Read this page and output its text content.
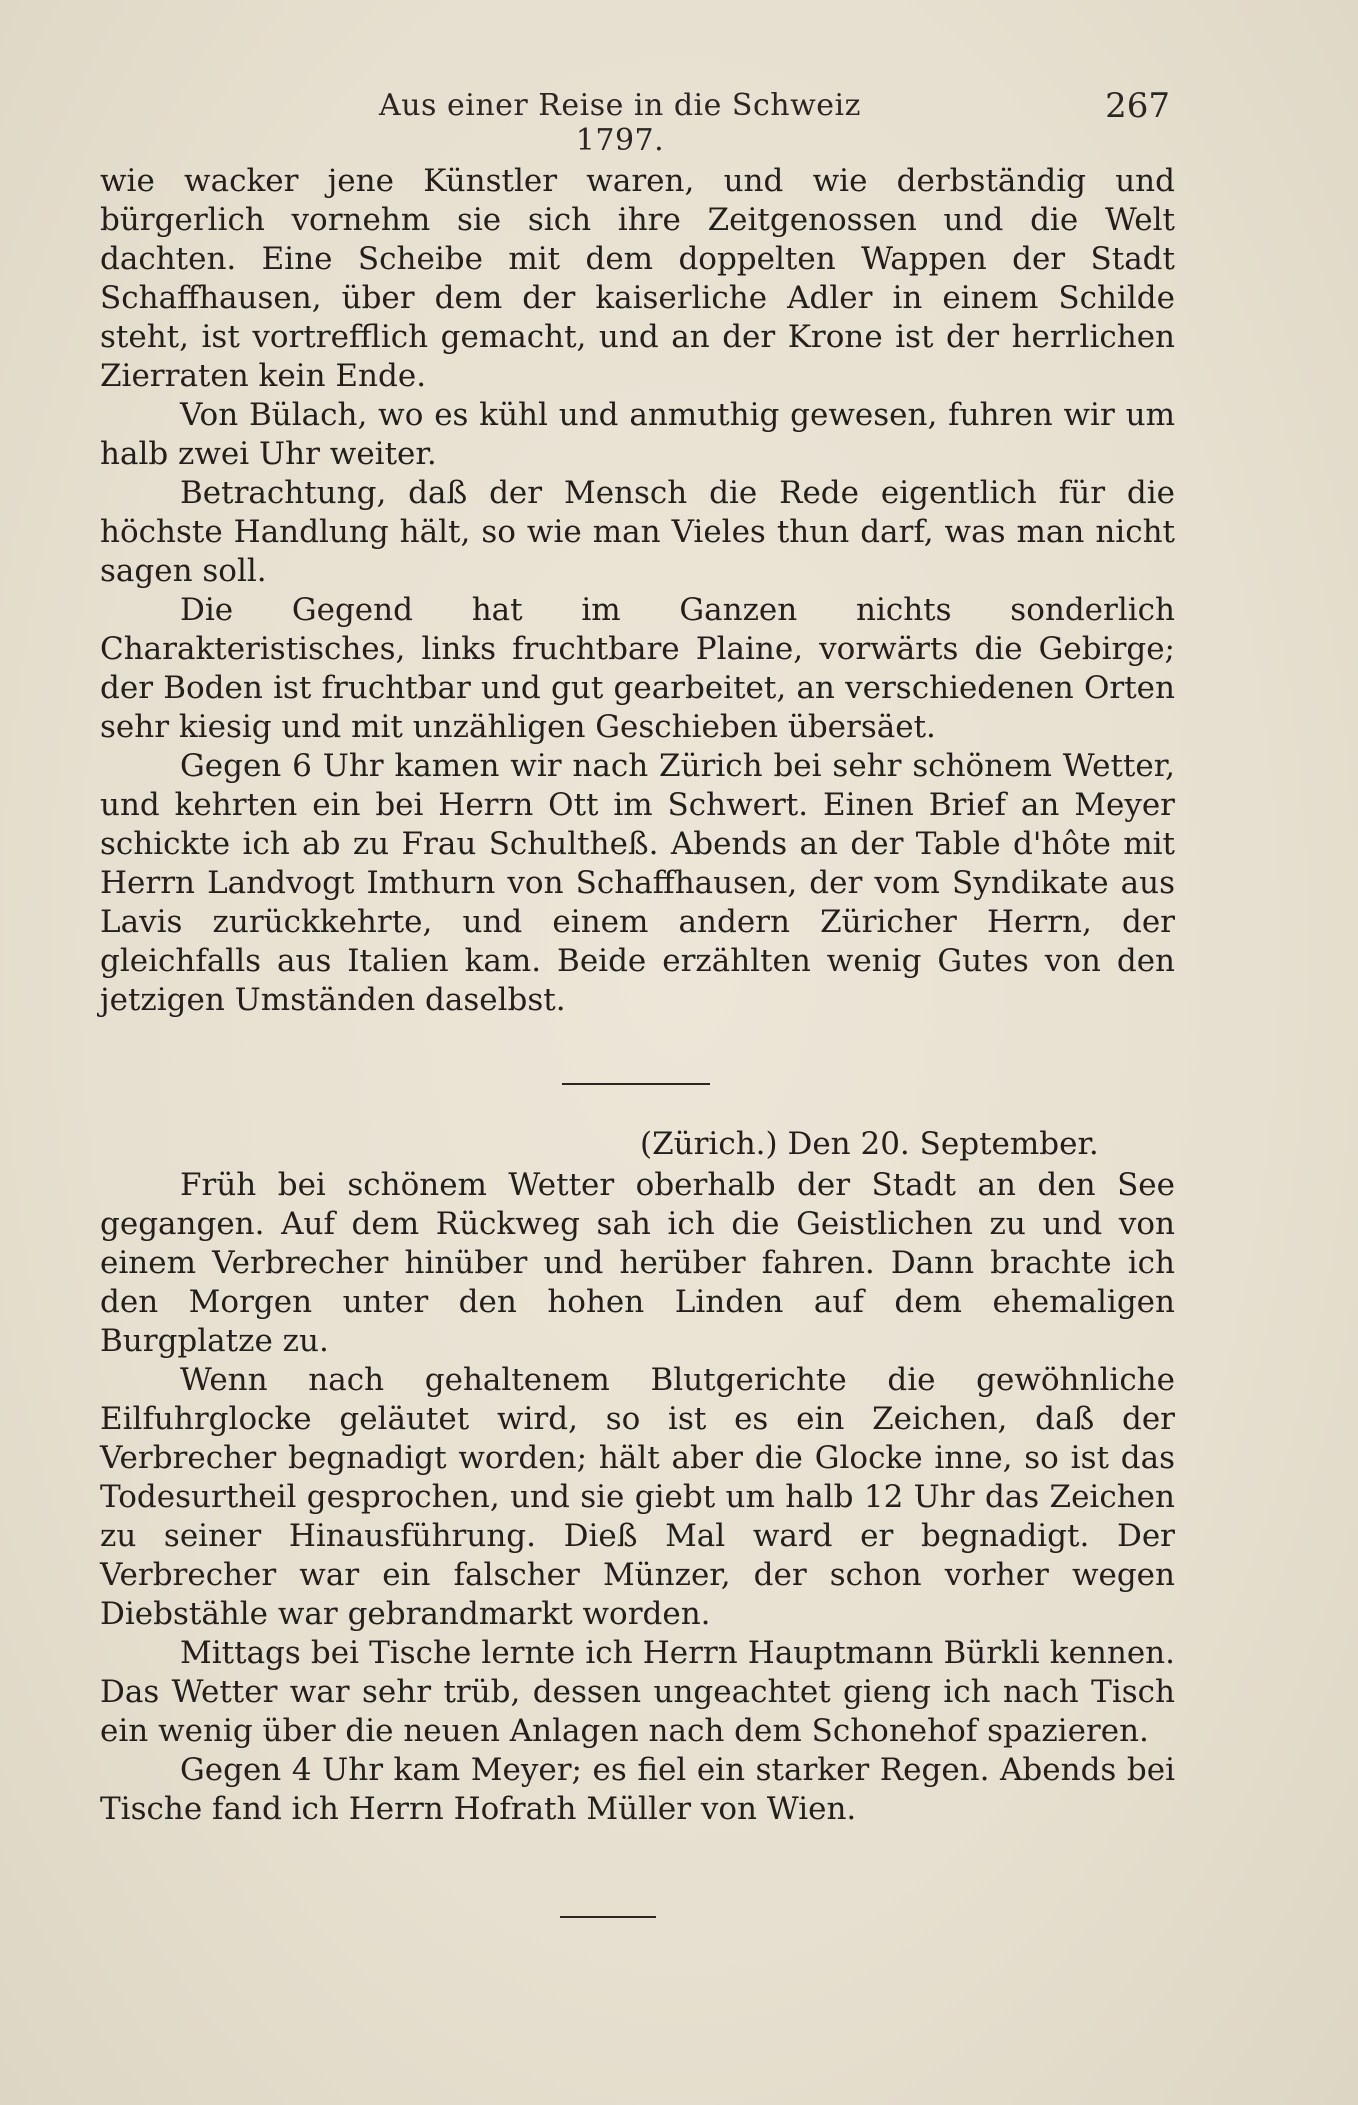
Aus einer Reise in die Schweiz 1797.
267

wie wacker jene Künstler waren, und wie derbständig und bürgerlich vornehm sie sich ihre Zeitgenossen und die Welt dachten. Eine Scheibe mit dem doppelten Wappen der Stadt Schaffhausen, über dem der kaiserliche Adler in einem Schilde steht, ist vortrefflich gemacht, und an der Krone ist der herrlichen Zierraten kein Ende.

Von Bülach, wo es kühl und anmuthig gewesen, fuhren wir um halb zwei Uhr weiter.

Betrachtung, daß der Mensch die Rede eigentlich für die höchste Handlung hält, so wie man Vieles thun darf, was man nicht sagen soll.

Die Gegend hat im Ganzen nichts sonderlich Charakteristisches, links fruchtbare Plaine, vorwärts die Gebirge; der Boden ist fruchtbar und gut gearbeitet, an verschiedenen Orten sehr kiesig und mit unzähligen Geschieben übersäet.

Gegen 6 Uhr kamen wir nach Zürich bei sehr schönem Wetter, und kehrten ein bei Herrn Ott im Schwert. Einen Brief an Meyer schickte ich ab zu Frau Schultheß. Abends an der Table d'hôte mit Herrn Landvogt Imthurn von Schaffhausen, der vom Syndikate aus Lavis zurückkehrte, und einem andern Züricher Herrn, der gleichfalls aus Italien kam. Beide erzählten wenig Gutes von den jetzigen Umständen daselbst.

(Zürich.) Den 20. September.

Früh bei schönem Wetter oberhalb der Stadt an den See gegangen. Auf dem Rückweg sah ich die Geistlichen zu und von einem Verbrecher hinüber und herüber fahren. Dann brachte ich den Morgen unter den hohen Linden auf dem ehemaligen Burgplatze zu.

Wenn nach gehaltenem Blutgerichte die gewöhnliche Eilfuhrglocke geläutet wird, so ist es ein Zeichen, daß der Verbrecher begnadigt worden; hält aber die Glocke inne, so ist das Todesurtheil gesprochen, und sie giebt um halb 12 Uhr das Zeichen zu seiner Hinausführung. Dieß Mal ward er begnadigt. Der Verbrecher war ein falscher Münzer, der schon vorher wegen Diebstähle war gebrandmarkt worden.

Mittags bei Tische lernte ich Herrn Hauptmann Bürkli kennen. Das Wetter war sehr trüb, dessen ungeachtet gieng ich nach Tisch ein wenig über die neuen Anlagen nach dem Schonehof spazieren.

Gegen 4 Uhr kam Meyer; es fiel ein starker Regen. Abends bei Tische fand ich Herrn Hofrath Müller von Wien.
